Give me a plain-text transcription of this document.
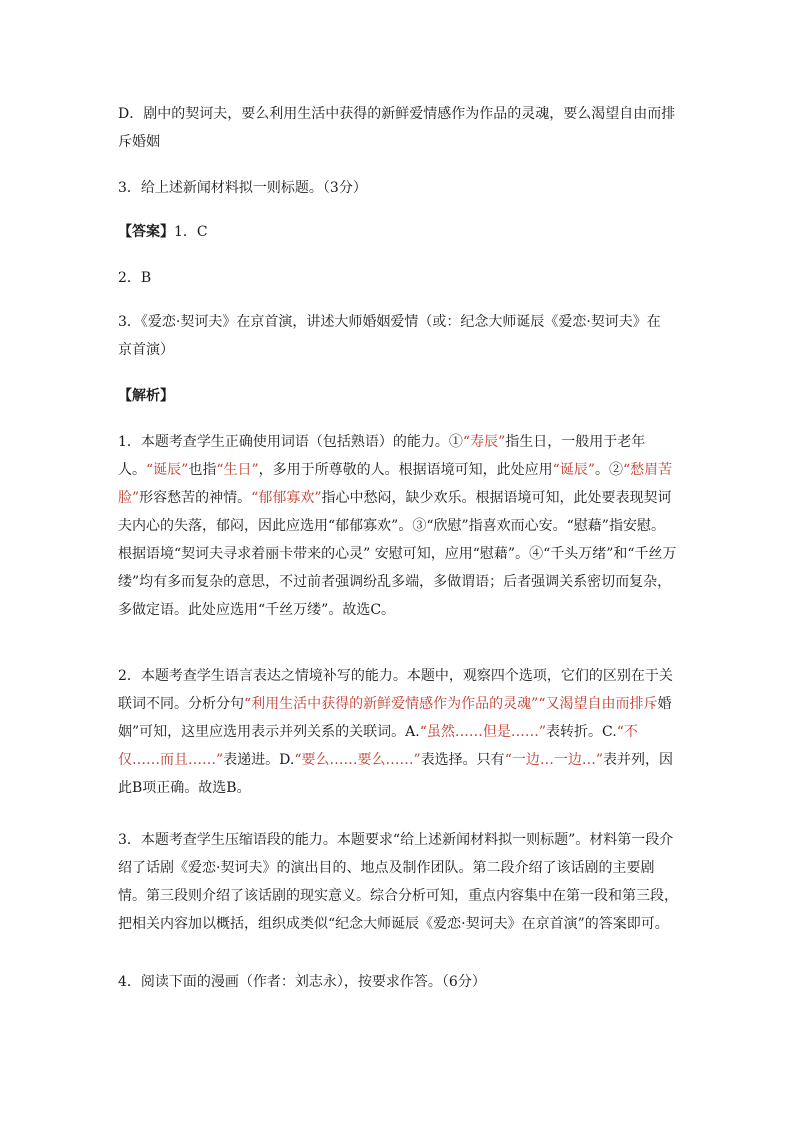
D．剧中的契诃夫，要么利用生活中获得的新鲜爱情感作为作品的灵魂，要么渴望自由而排
斥婚姻

3．给上述新闻材料拟一则标题。（3分）

【答案】1．C

2．B

3．《爱恋·契诃夫》在京首演，讲述大师婚姻爱情（或：纪念大师诞辰《爱恋·契诃夫》在
京首演）

【解析】

1．本题考查学生正确使用词语（包括熟语）的能力。①“寿辰”指生日，一般用于老年人。“诞辰”也指“生日”，多用于所尊敬的人。根据语境可知，此处应用“诞辰”。②“愁眉苦脸”形容愁苦的神情。“郁郁寡欢”指心中愁闷，缺少欢乐。根据语境可知，此处要表现契诃夫内心的失落，郁闷，因此应选用“郁郁寡欢”。③“欣慰”指喜欢而心安。“慰藉”指安慰。根据语境“契诃夫寻求着丽卡带来的心灵” 安慰可知，应用“慰藉”。④“千头万绪”和“千丝万缕”均有多而复杂的意思，不过前者强调纷乱多端，多做谓语；后者强调关系密切而复杂，多做定语。此处应选用“千丝万缕”。故选C。

2．本题考查学生语言表达之情境补写的能力。本题中，观察四个选项，它们的区别在于关联词不同。分析分句“利用生活中获得的新鲜爱情感作为作品的灵魂”“又渴望自由而排斥婚姻”可知，这里应选用表示并列关系的关联词。A.“虽然……但是……”表转折。C.“不仅……而且……”表递进。D.“要么……要么……”表选择。只有“一边…一边…”表并列，因此B项正确。故选B。

3．本题考查学生压缩语段的能力。本题要求“给上述新闻材料拟一则标题”。材料第一段介绍了话剧《爱恋·契诃夫》的演出目的、地点及制作团队。第二段介绍了该话剧的主要剧情。第三段则介绍了该话剧的现实意义。综合分析可知，重点内容集中在第一段和第三段，把相关内容加以概括，组织成类似“纪念大师诞辰《爱恋·契诃夫》在京首演”的答案即可。

4．阅读下面的漫画（作者：刘志永），按要求作答。（6分）
